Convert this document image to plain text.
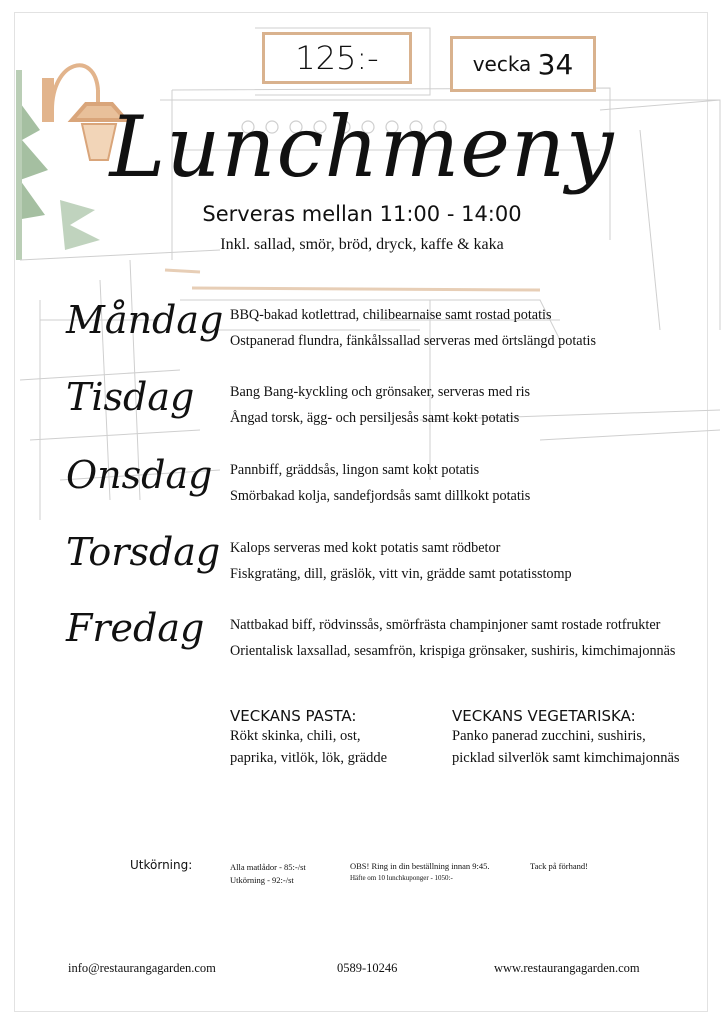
125:-	vecka 34
Lunchmeny
Serveras mellan 11:00 - 14:00
Inkl. sallad, smör, bröd, dryck, kaffe & kaka
Måndag BBQ-bakad kotlettrad, chilibearnaise samt rostad potatis
Ostpanerad flundra, fänkålssallad serveras med örtslängd potatis
Tisdag	Bang Bang-kyckling och grönsaker, serveras med ris
Ångad torsk, ägg- och persiljesås samt kokt potatis
Onsdag Pannbiff, gräddsås, lingon samt kokt potatis
Smörbakad kolja, sandefjordsås samt dillkokt potatis
Torsdag Kalops serveras med kokt potatis samt rödbetor
Fiskgratäng, dill, gräslök, vitt vin, grädde samt potatisstomp
Fredag Nattbakad biff, rödvinssås, smörfrästa champinjoner samt rostade rotfrukter
Orientalisk laxsallad, sesamfrön, krispiga grönsaker, sushiris, kimchimajonnäs
VECKANS PASTA:
Rökt skinka, chili, ost,
paprika, vitlök, lök, grädde
VECKANS VEGETARISKA:
Panko panerad zucchini, sushiris,
picklad silverlök samt kimchimajonnäs
Utkörning:	Alla matlådor - 85:-/st
Utkörning - 92:-/st
OBS! Ring in din beställning innan 9:45.
Häfte om 10 lunchkuponger - 1050:-
Tack på förhand!
info@restaurangagarden.com	0589-10246	www.restaurangagarden.com
